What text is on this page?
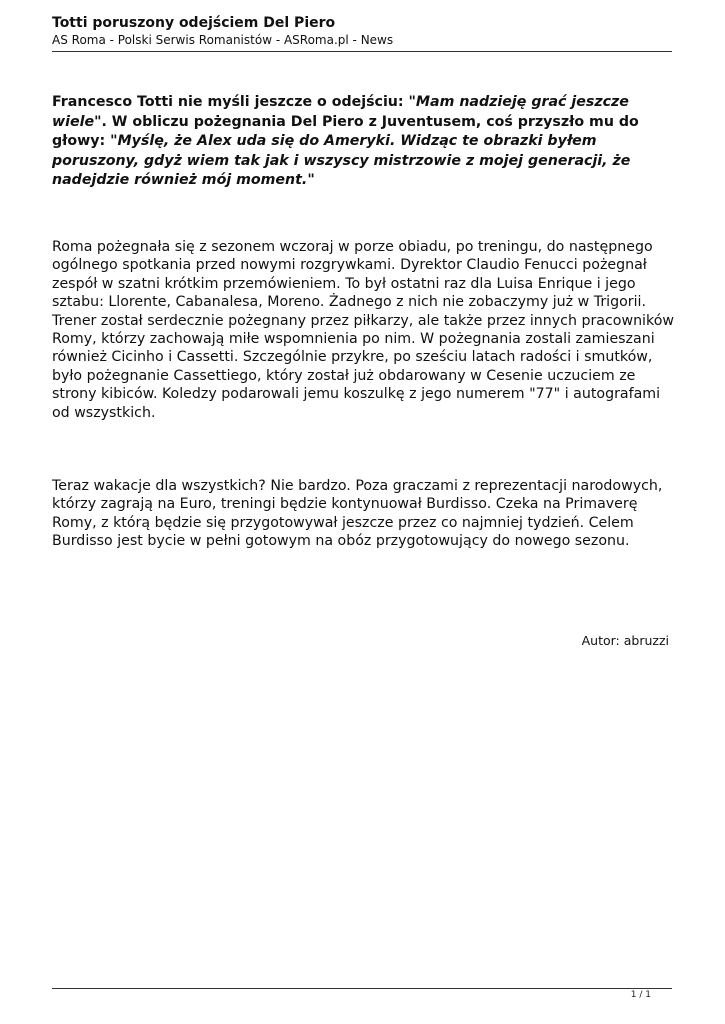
Totti poruszony odejściem Del Piero
AS Roma - Polski Serwis Romanistów - ASRoma.pl - News

Francesco Totti nie myśli jeszcze o odejściu: "Mam nadzieję grać jeszcze wiele". W obliczu pożegnania Del Piero z Juventusem, coś przyszło mu do głowy: "Myślę, że Alex uda się do Ameryki. Widząc te obrazki byłem poruszony, gdyż wiem tak jak i wszyscy mistrzowie z mojej generacji, że nadejdzie również mój moment."

Roma pożegnała się z sezonem wczoraj w porze obiadu, po treningu, do następnego ogólnego spotkania przed nowymi rozgrywkami. Dyrektor Claudio Fenucci pożegnał zespół w szatni krótkim przemówieniem. To był ostatni raz dla Luisa Enrique i jego sztabu: Llorente, Cabanalesa, Moreno. Żadnego z nich nie zobaczymy już w Trigorii. Trener został serdecznie pożegnany przez piłkarzy, ale także przez innych pracowników Romy, którzy zachowają miłe wspomnienia po nim. W pożegnania zostali zamieszani również Cicinho i Cassetti. Szczególnie przykre, po sześciu latach radości i smutków, było pożegnanie Cassettiego, który został już obdarowany w Cesenie uczuciem ze strony kibiców. Koledzy podarowali jemu koszulkę z jego numerem "77" i autografami od wszystkich.

Teraz wakacje dla wszystkich? Nie bardzo. Poza graczami z reprezentacji narodowych, którzy zagrają na Euro, treningi będzie kontynuował Burdisso. Czeka na Primaverę Romy, z którą będzie się przygotowywał jeszcze przez co najmniej tydzień. Celem Burdisso jest bycie w pełni gotowym na obóz przygotowujący do nowego sezonu.

Autor: abruzzi
1 / 1
